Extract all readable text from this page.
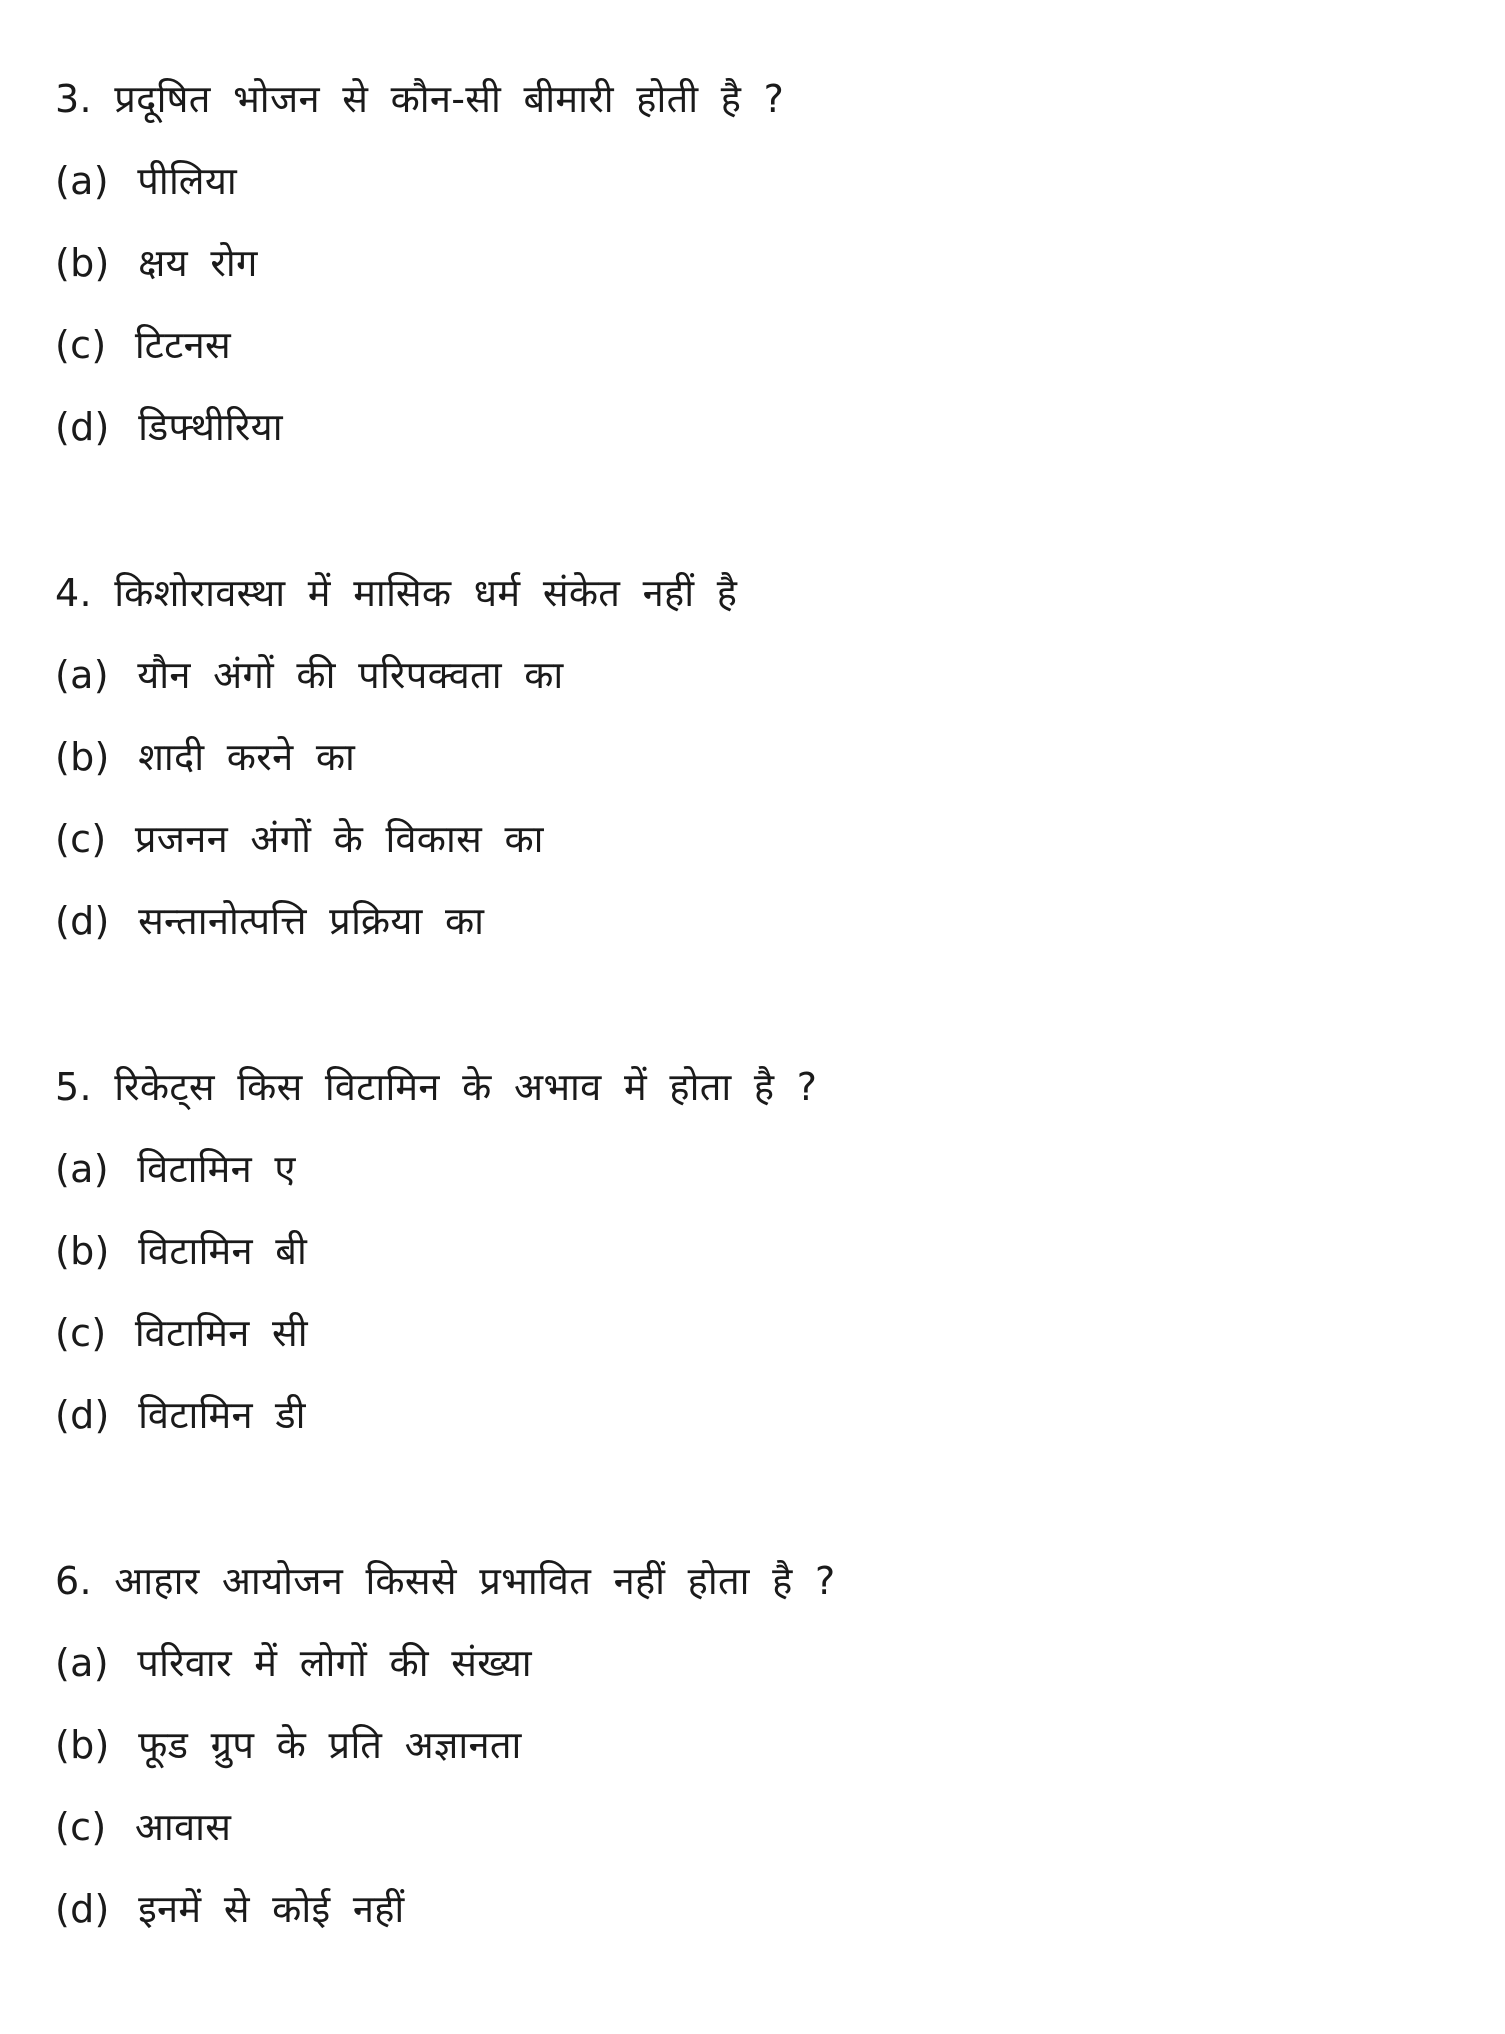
3. प्रदूषित भोजन से कौन-सी बीमारी होती है ?
(a) पीलिया
(b) क्षय रोग
(c) टिटनस
(d) डिफ्थीरिया
4. किशोरावस्था में मासिक धर्म संकेत नहीं है
(a) यौन अंगों की परिपक्वता का
(b) शादी करने का
(c) प्रजनन अंगों के विकास का
(d) सन्तानोत्पत्ति प्रक्रिया का
5. रिकेट्स किस विटामिन के अभाव में होता है ?
(a) विटामिन ए
(b) विटामिन बी
(c) विटामिन सी
(d) विटामिन डी
6. आहार आयोजन किससे प्रभावित नहीं होता है ?
(a) परिवार में लोगों की संख्या
(b) फूड ग्रुप के प्रति अज्ञानता
(c) आवास
(d) इनमें से कोई नहीं
